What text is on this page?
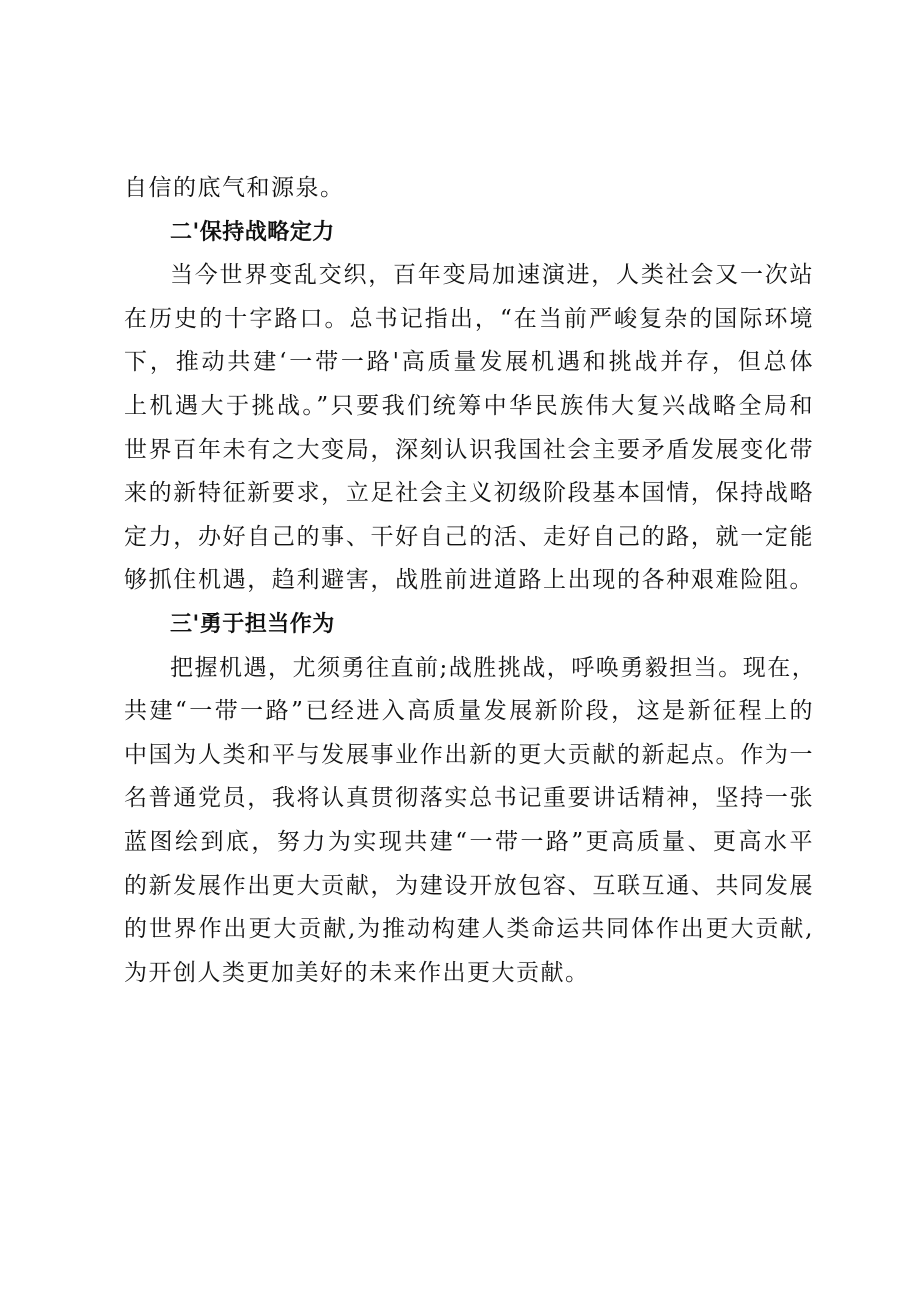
自信的底气和源泉。
二'保持战略定力
当今世界变乱交织，百年变局加速演进，人类社会又一次站
在历史的十字路口。总书记指出，“在当前严峻复杂的国际环境
下，推动共建‘一带一路'高质量发展机遇和挑战并存，但总体
上机遇大于挑战。”只要我们统筹中华民族伟大复兴战略全局和
世界百年未有之大变局，深刻认识我国社会主要矛盾发展变化带
来的新特征新要求，立足社会主义初级阶段基本国情，保持战略
定力，办好自己的事、干好自己的活、走好自己的路，就一定能
够抓住机遇，趋利避害，战胜前进道路上出现的各种艰难险阻。
三'勇于担当作为
把握机遇，尤须勇往直前;战胜挑战，呼唤勇毅担当。现在，
共建“一带一路”已经进入高质量发展新阶段，这是新征程上的
中国为人类和平与发展事业作出新的更大贡献的新起点。作为一
名普通党员，我将认真贯彻落实总书记重要讲话精神，坚持一张
蓝图绘到底，努力为实现共建“一带一路”更高质量、更高水平
的新发展作出更大贡献，为建设开放包容、互联互通、共同发展
的世界作出更大贡献,为推动构建人类命运共同体作出更大贡献,
为开创人类更加美好的未来作出更大贡献。
